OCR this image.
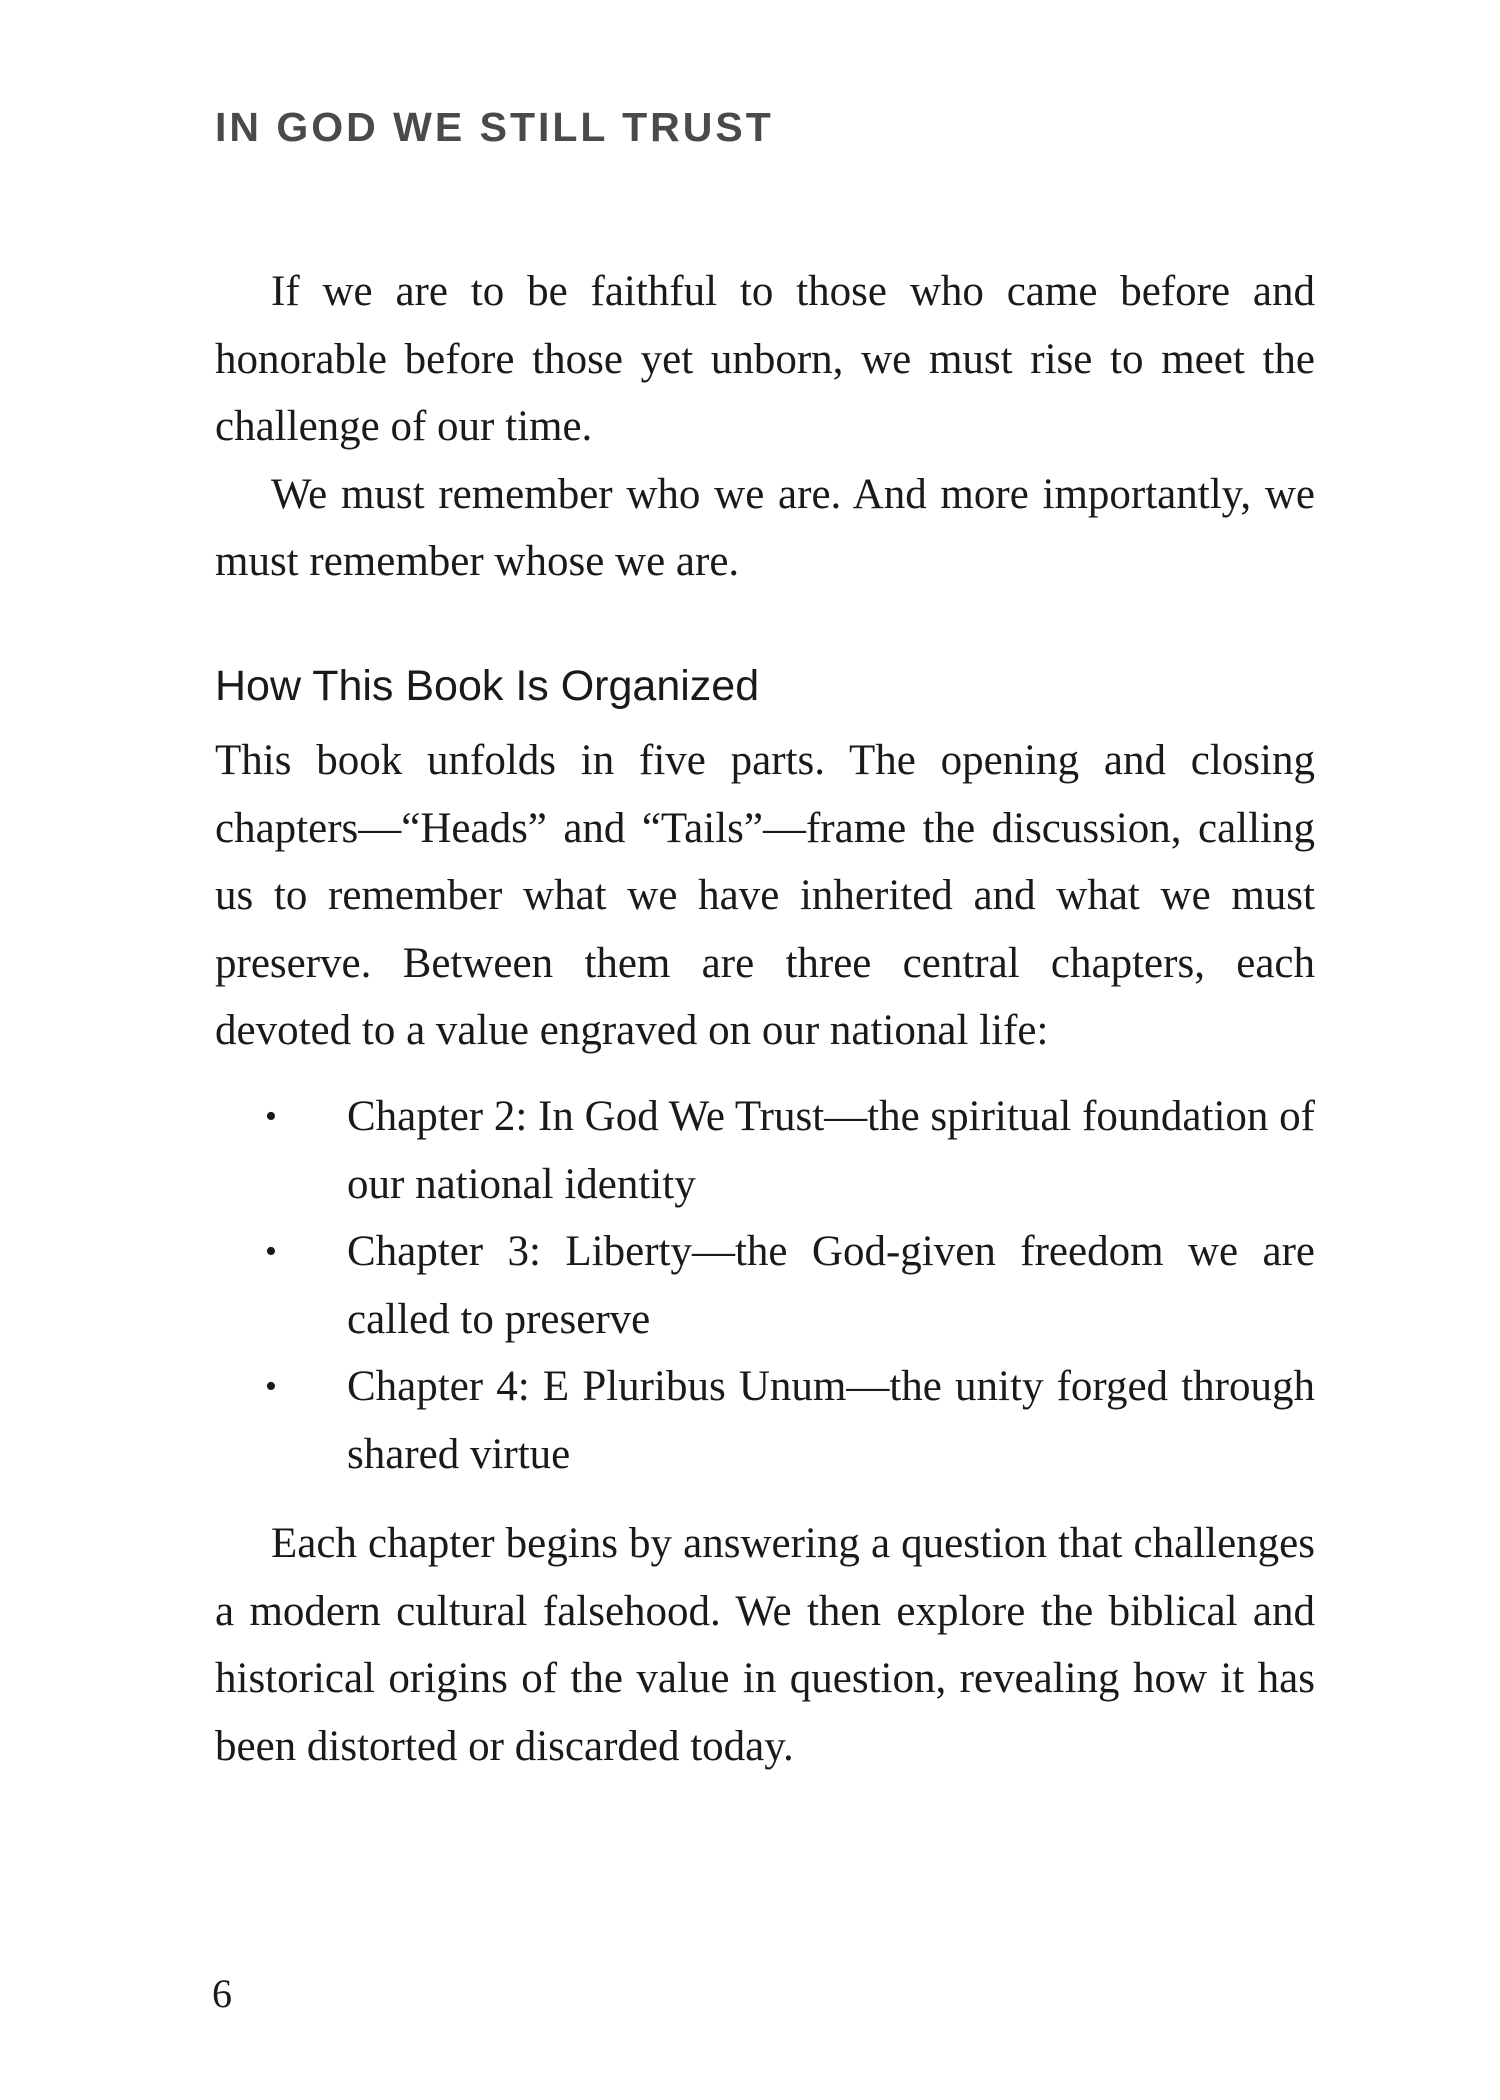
IN GOD WE STILL TRUST

If we are to be faithful to those who came before and honorable before those yet unborn, we must rise to meet the challenge of our time.

We must remember who we are. And more importantly, we must remember whose we are.

How This Book Is Organized

This book unfolds in five parts. The opening and closing chapters—“Heads” and “Tails”—frame the discussion, calling us to remember what we have inherited and what we must preserve. Between them are three central chapters, each devoted to a value engraved on our national life:

• Chapter 2: In God We Trust—the spiritual foundation of our national identity
• Chapter 3: Liberty—the God-given freedom we are called to preserve
• Chapter 4: E Pluribus Unum—the unity forged through shared virtue

Each chapter begins by answering a question that challenges a modern cultural falsehood. We then explore the biblical and historical origins of the value in question, revealing how it has been distorted or discarded today.

6
